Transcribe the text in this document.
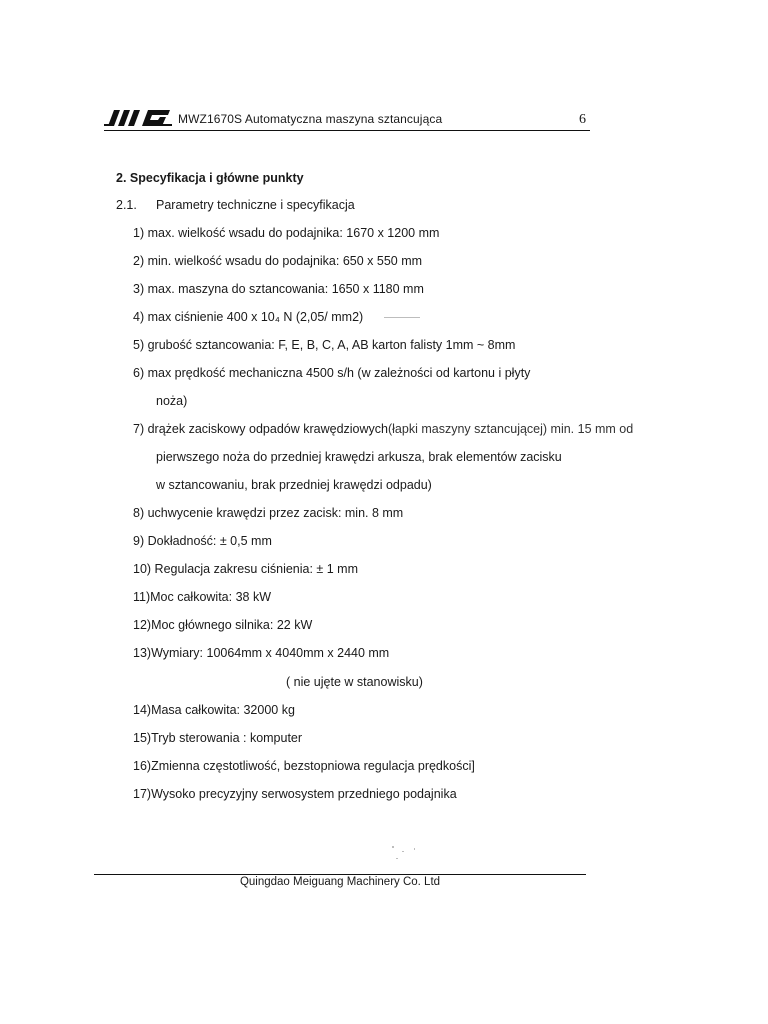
MWZ1670S Automatyczna maszyna sztancująca	6
2. Specyfikacja i główne punkty
2.1. Parametry techniczne i specyfikacja
1) max. wielkość wsadu do podajnika: 1670 x 1200 mm
2) min. wielkość wsadu do podajnika: 650 x 550 mm
3) max. maszyna do sztancowania: 1650 x 1180 mm
4) max ciśnienie 400 x 10₄ N (2,05/ mm2)
5) grubość sztancowania: F, E, B, C, A, AB karton falisty 1mm ~ 8mm
6) max prędkość mechaniczna 4500 s/h (w zależności od kartonu i płyty
noża)
7) drążek zaciskowy odpadów krawędziowych(łapki maszyny sztancującej) min. 15 mm od
pierwszego noża do przedniej krawędzi arkusza, brak elementów zacisku
w sztancowaniu, brak przedniej krawędzi odpadu)
8) uchwycenie krawędzi przez zacisk: min. 8 mm
9) Dokładność: ± 0,5 mm
10) Regulacja zakresu ciśnienia: ± 1 mm
11)Moc całkowita: 38 kW
12)Moc głównego silnika: 22 kW
13)Wymiary: 10064mm x 4040mm x 2440 mm
( nie ujęte w stanowisku)
14)Masa całkowita: 32000 kg
15)Tryb sterowania : komputer
16)Zmienna częstotliwość, bezstopniowa regulacja prędkości]
17)Wysoko precyzyjny serwosystem przedniego podajnika
Quingdao Meiguang Machinery Co. Ltd
